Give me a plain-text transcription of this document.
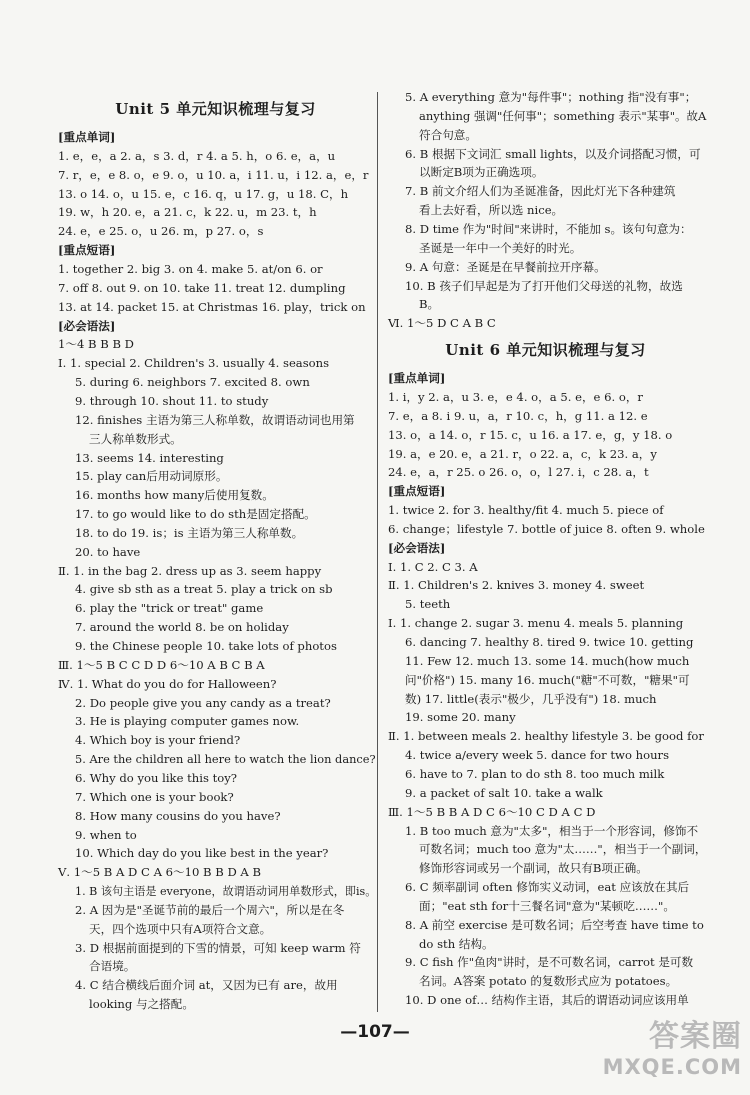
Unit 5 单元知识梳理与复习
[重点单词]
1. e，e，a 2. a，s 3. d，r 4. a 5. h，o 6. e，a，u
7. r，e，e 8. o，e 9. o，u 10. a，i 11. u，i 12. a，e，r
13. o 14. o，u 15. e，c 16. q，u 17. g，u 18. C，h
19. w，h 20. e，a 21. c，k 22. u，m 23. t，h
24. e，e 25. o，u 26. m，p 27. o，s
[重点短语]
1. together 2. big 3. on 4. make 5. at/on 6. or
7. off 8. out 9. on 10. take 11. treat 12. dumpling
13. at 14. packet 15. at Christmas 16. play，trick on
[必会语法]
1～4 B B B D
Ⅰ. 1. special 2. Children's 3. usually 4. seasons
5. during 6. neighbors 7. excited 8. own
9. through 10. shout 11. to study
12. finishes 主语为第三人称单数，故谓语动词也用第
三人称单数形式。
13. seems 14. interesting
15. play can后用动词原形。
16. months how many后使用复数。
17. to go would like to do sth是固定搭配。
18. to do 19. is；is 主语为第三人称单数。
20. to have
Ⅱ. 1. in the bag 2. dress up as 3. seem happy
4. give sb sth as a treat 5. play a trick on sb
6. play the "trick or treat" game
7. around the world 8. be on holiday
9. the Chinese people 10. take lots of photos
Ⅲ. 1～5 B C C D D 6～10 A B C B A
Ⅳ. 1. What do you do for Halloween?
2. Do people give you any candy as a treat?
3. He is playing computer games now.
4. Which boy is your friend?
5. Are the children all here to watch the lion dance?
6. Why do you like this toy?
7. Which one is your book?
8. How many cousins do you have?
9. when to
10. Which day do you like best in the year?
Ⅴ. 1～5 B A D C A 6～10 B B D A B
1. B 该句主语是 everyone，故谓语动词用单数形式，即is。
2. A 因为是"圣诞节前的最后一个周六"，所以是在冬
天，四个选项中只有A项符合文意。
3. D 根据前面提到的下雪的情景，可知 keep warm 符
合语境。
4. C 结合横线后面介词 at，又因为已有 are，故用
looking 与之搭配。
5. A everything 意为"每件事"；nothing 指"没有事"；
anything 强调"任何事"；something 表示"某事"。故A
符合句意。
6. B 根据下文词汇 small lights，以及介词搭配习惯，可
以断定B项为正确选项。
7. B 前文介绍人们为圣诞准备，因此灯光下各种建筑
看上去好看，所以选 nice。
8. D time 作为"时间"来讲时，不能加 s。该句句意为：
圣诞是一年中一个美好的时光。
9. A 句意：圣诞是在早餐前拉开序幕。
10. B 孩子们早起是为了打开他们父母送的礼物，故选
B。
Ⅵ. 1～5 D C A B C
Unit 6 单元知识梳理与复习
[重点单词]
1. i，y 2. a，u 3. e，e 4. o，a 5. e，e 6. o，r
7. e，a 8. i 9. u，a，r 10. c，h，g 11. a 12. e
13. o，a 14. o，r 15. c，u 16. a 17. e，g，y 18. o
19. a，e 20. e，a 21. r，o 22. a，c，k 23. a，y
24. e，a，r 25. o 26. o，o，l 27. i，c 28. a，t
[重点短语]
1. twice 2. for 3. healthy/fit 4. much 5. piece of
6. change；lifestyle 7. bottle of juice 8. often 9. whole
[必会语法]
Ⅰ. 1. C 2. C 3. A
Ⅱ. 1. Children's 2. knives 3. money 4. sweet
5. teeth
Ⅰ. 1. change 2. sugar 3. menu 4. meals 5. planning
6. dancing 7. healthy 8. tired 9. twice 10. getting
11. Few 12. much 13. some 14. much(how much
问"价格") 15. many 16. much("糖"不可数，"糖果"可
数) 17. little(表示"极少，几乎没有") 18. much
19. some 20. many
Ⅱ. 1. between meals 2. healthy lifestyle 3. be good for
4. twice a/every week 5. dance for two hours
6. have to 7. plan to do sth 8. too much milk
9. a packet of salt 10. take a walk
Ⅲ. 1～5 B B A D C 6～10 C D A C D
1. B too much 意为"太多"，相当于一个形容词，修饰不
可数名词；much too 意为"太……"，相当于一个副词，
修饰形容词或另一个副词，故只有B项正确。
6. C 频率副词 often 修饰实义动词，eat 应该放在其后
面；"eat sth for十三餐名词"意为"某顿吃……"。
8. A 前空 exercise 是可数名词；后空考查 have time to
do sth 结构。
9. C fish 作"鱼肉"讲时，是不可数名词，carrot 是可数
名词。A答案 potato 的复数形式应为 potatoes。
10. D one of… 结构作主语，其后的谓语动词应该用单
—107—	答案圈
MXQE.COM
